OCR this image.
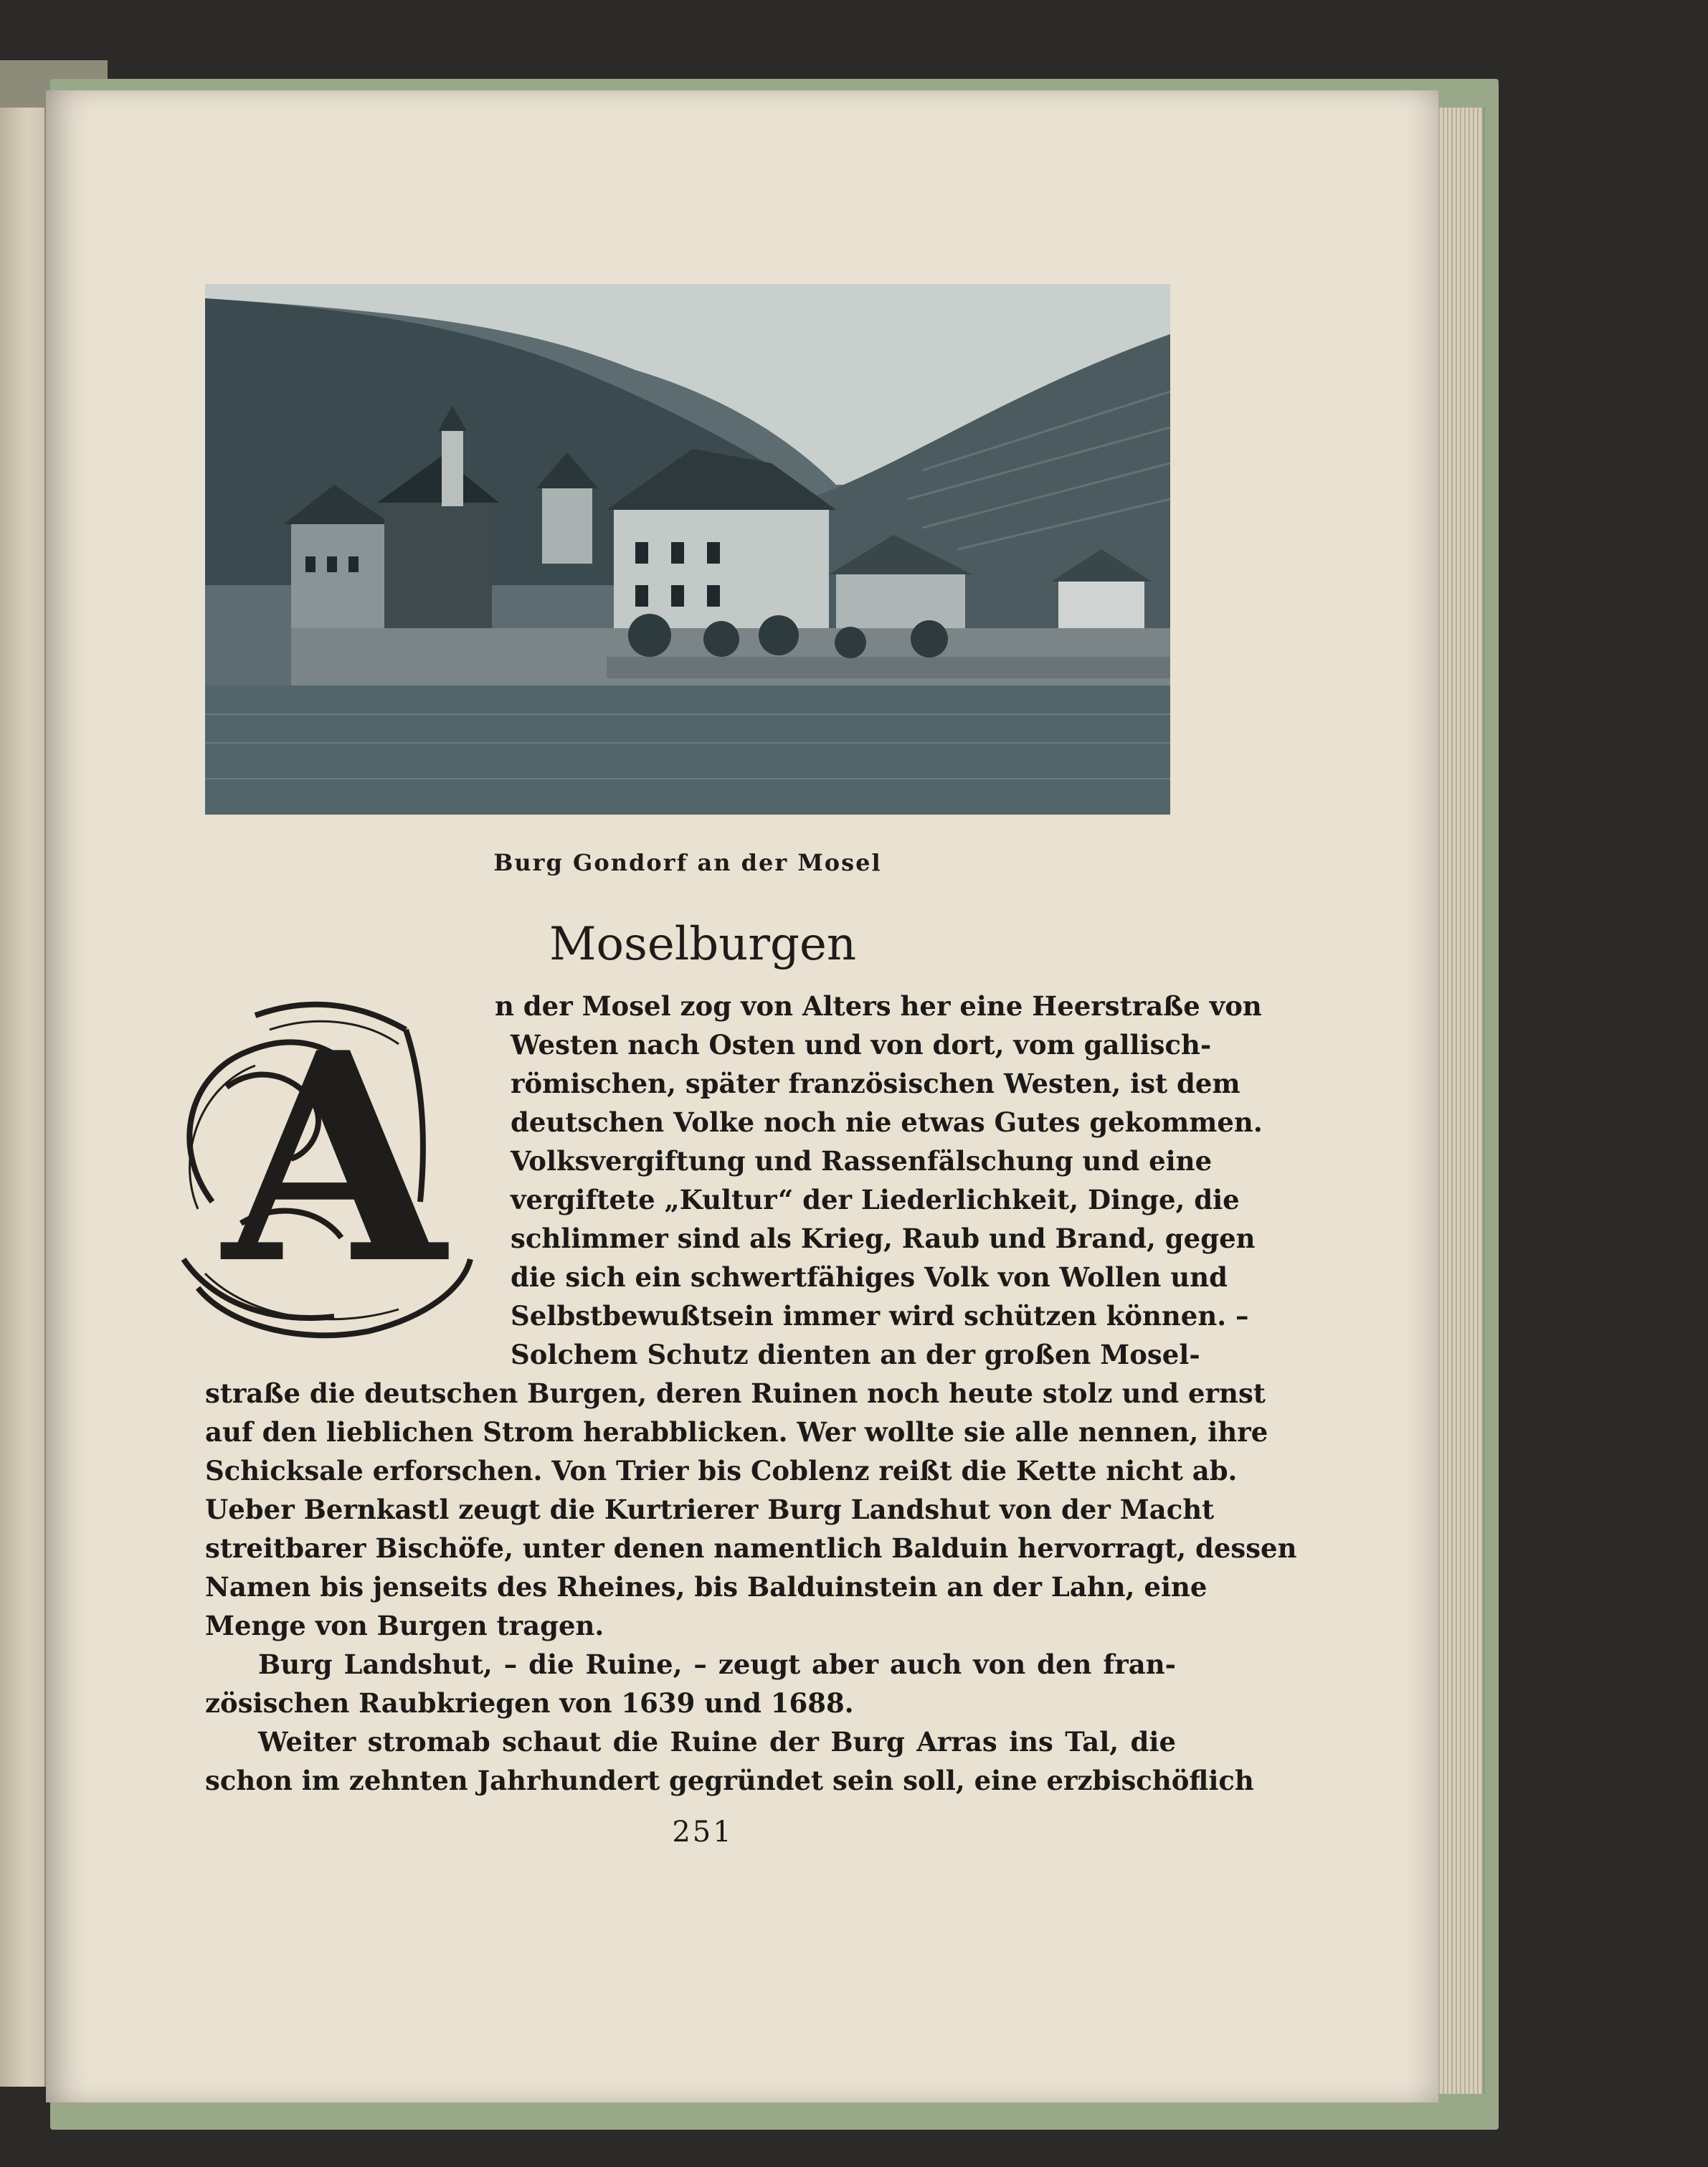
Burg Gondorf an der Mosel
Moselburgen
A n der Mosel zog von Alters her eine Heerstraße von
Westen nach Osten und von dort, vom gallisch-
römischen, später französischen Westen, ist dem
deutschen Volke noch nie etwas Gutes gekommen.
Volksvergiftung und Rassenfälschung und eine
vergiftete „Kultur“ der Liederlichkeit, Dinge, die
schlimmer sind als Krieg, Raub und Brand, gegen
die sich ein schwertfähiges Volk von Wollen und
Selbstbewußtsein immer wird schützen können. –
Solchem Schutz dienten an der großen Mosel-
straße die deutschen Burgen, deren Ruinen noch heute stolz und ernst
auf den lieblichen Strom herabblicken. Wer wollte sie alle nennen, ihre
Schicksale erforschen. Von Trier bis Coblenz reißt die Kette nicht ab.
Ueber Bernkastl zeugt die Kurtrierer Burg Landshut von der Macht
streitbarer Bischöfe, unter denen namentlich Balduin hervorragt, dessen
Namen bis jenseits des Rheines, bis Balduinstein an der Lahn, eine
Menge von Burgen tragen.
Burg Landshut, – die Ruine, – zeugt aber auch von den fran-
zösischen Raubkriegen von 1639 und 1688.
Weiter stromab schaut die Ruine der Burg Arras ins Tal, die
schon im zehnten Jahrhundert gegründet sein soll, eine erzbischöflich
251
